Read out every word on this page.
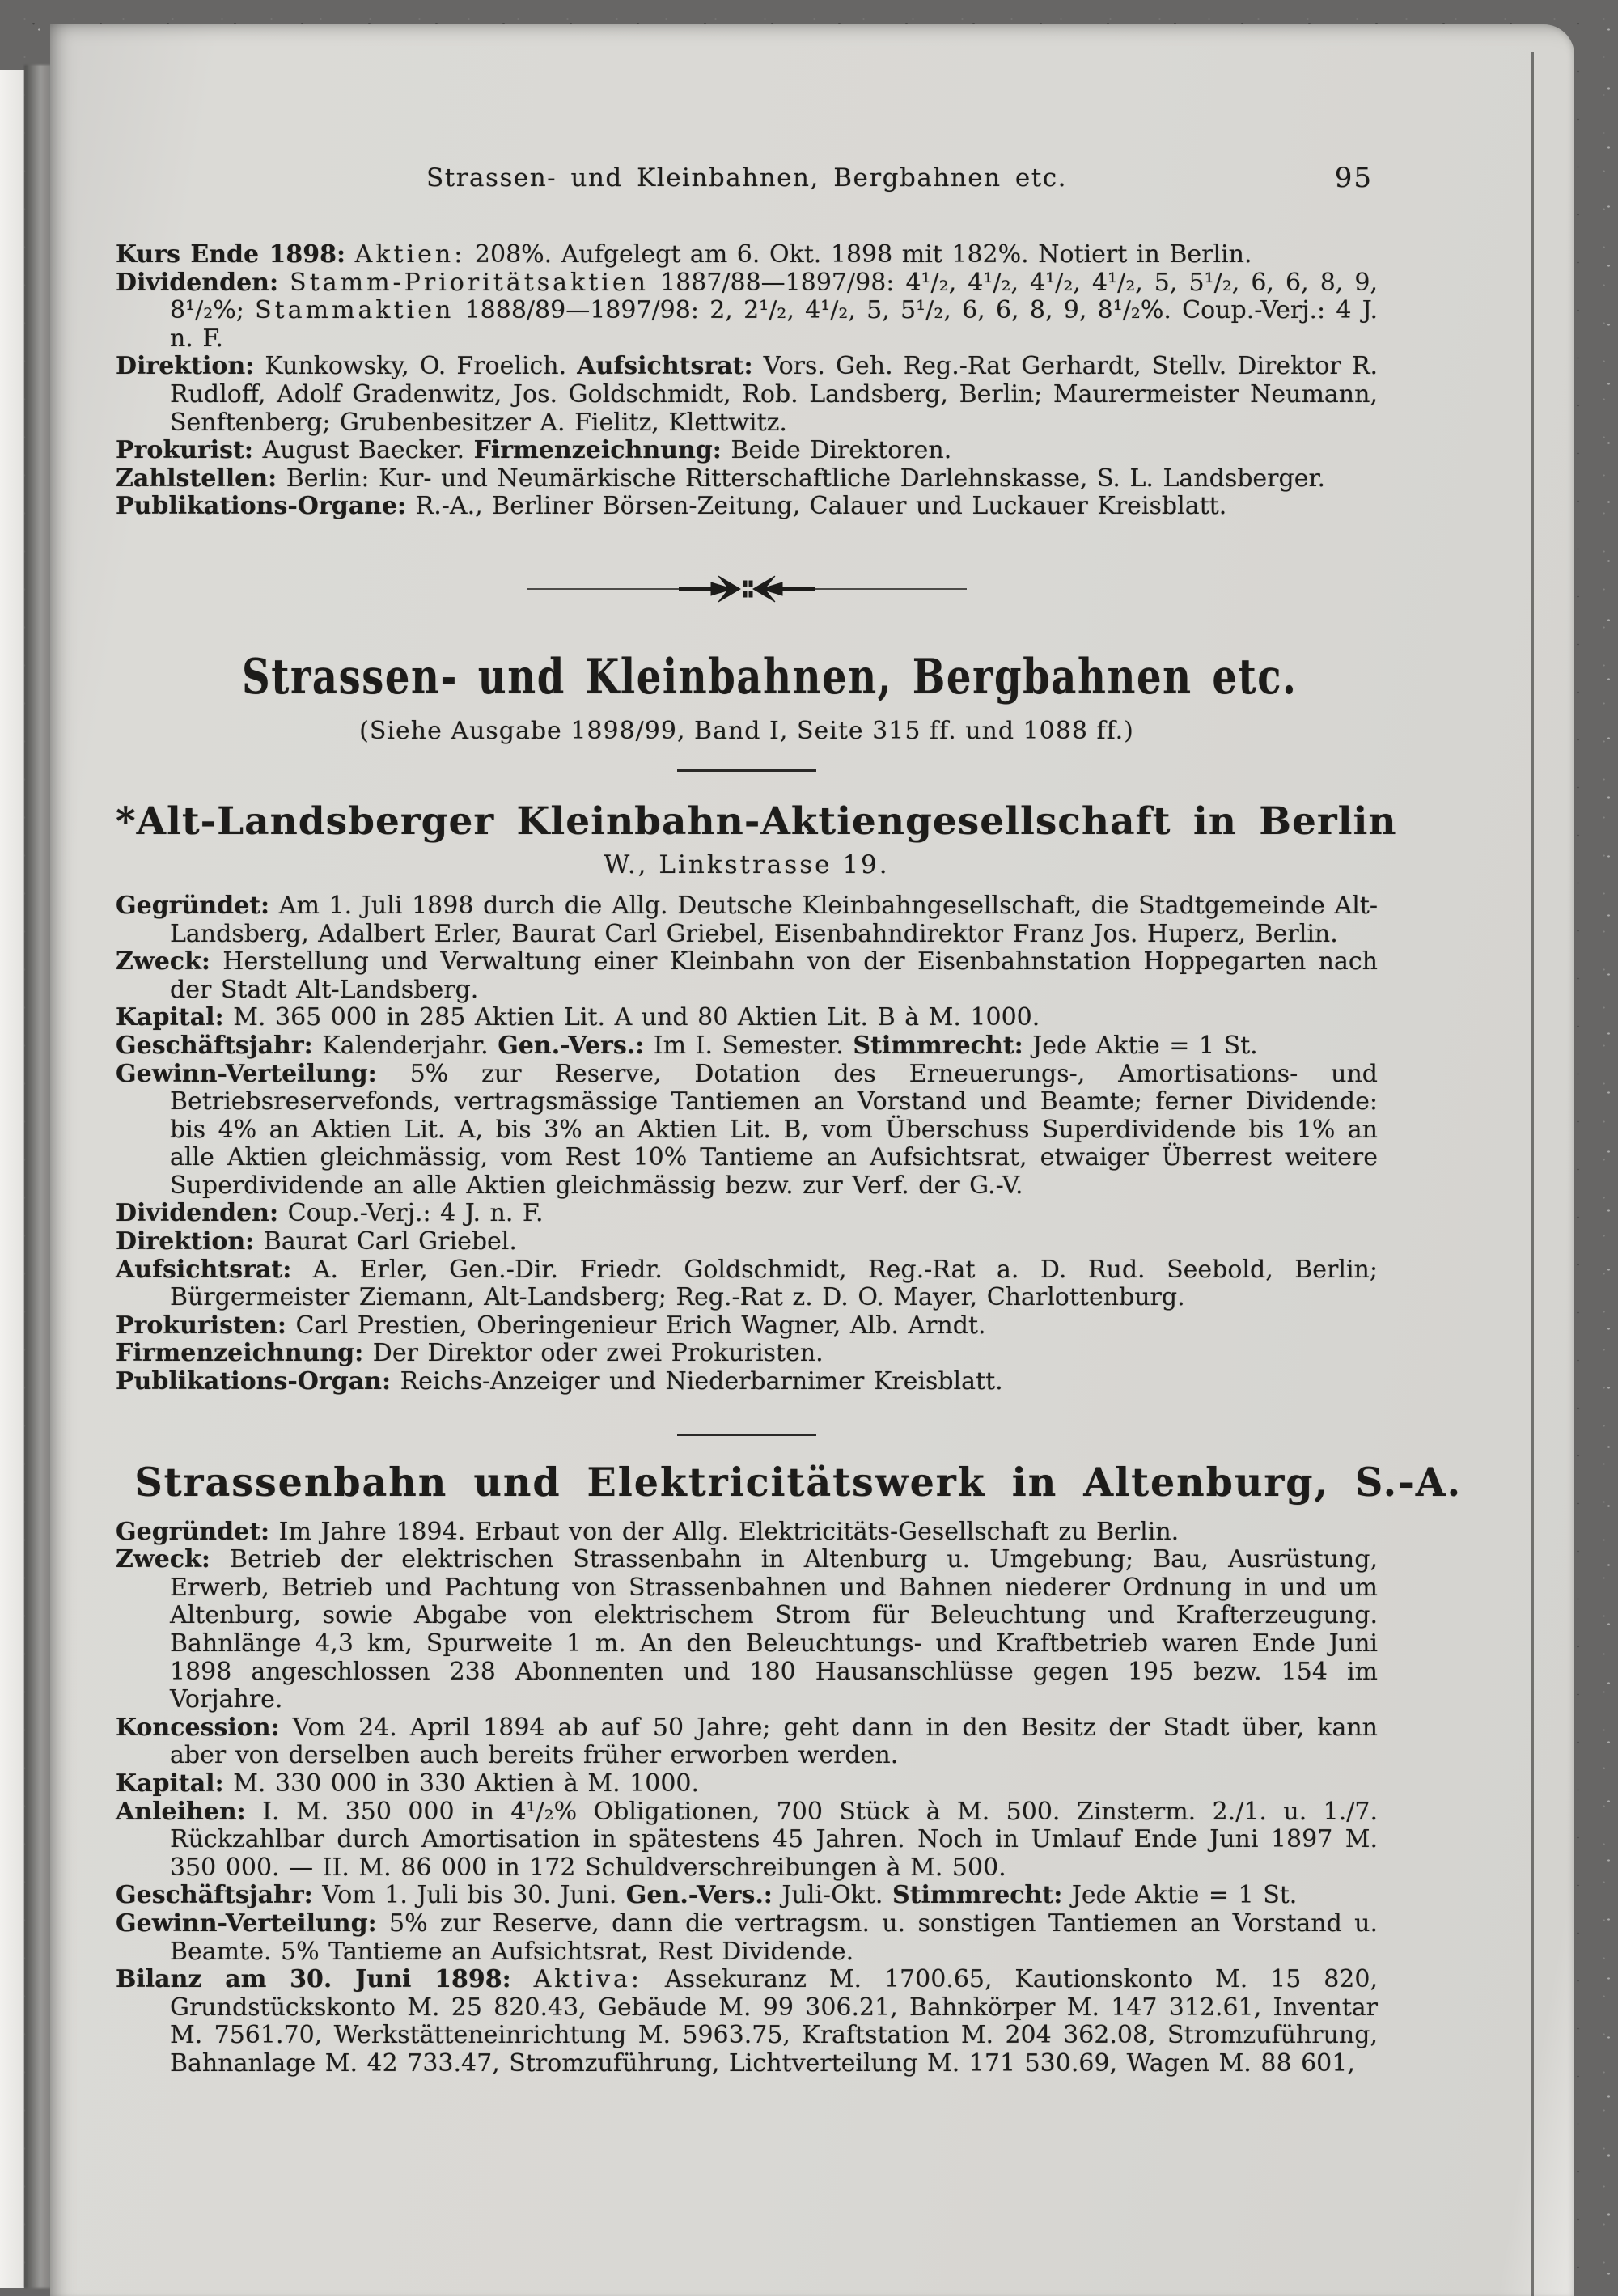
Strassen- und Kleinbahnen, Bergbahnen etc.	95

Kurs Ende 1898: Aktien: 208%. Aufgelegt am 6. Okt. 1898 mit 182%. Notiert in Berlin.

Dividenden: Stamm-Prioritätsaktien 1887/88—1897/98: 4¹/₂, 4¹/₂, 4¹/₂, 4¹/₂, 5, 5¹/₂, 6, 6, 8, 9, 8¹/₂%; Stammaktien 1888/89—1897/98: 2, 2¹/₂, 4¹/₂, 5, 5¹/₂, 6, 6, 8, 9, 8¹/₂%. Coup.-Verj.: 4 J. n. F.

Direktion: Kunkowsky, O. Froelich. Aufsichtsrat: Vors. Geh. Reg.-Rat Gerhardt, Stellv. Direktor R. Rudloff, Adolf Gradenwitz, Jos. Goldschmidt, Rob. Landsberg, Berlin; Maurermeister Neumann, Senftenberg; Grubenbesitzer A. Fielitz, Klettwitz.

Prokurist: August Baecker. Firmenzeichnung: Beide Direktoren.

Zahlstellen: Berlin: Kur- und Neumärkische Ritterschaftliche Darlehnskasse, S. L. Landsberger.

Publikations-Organe: R.-A., Berliner Börsen-Zeitung, Calauer und Luckauer Kreisblatt.

Strassen- und Kleinbahnen, Bergbahnen etc.
(Siehe Ausgabe 1898/99, Band I, Seite 315 ff. und 1088 ff.)
*Alt-Landsberger Kleinbahn-Aktiengesellschaft in Berlin
W., Linkstrasse 19.

Gegründet: Am 1. Juli 1898 durch die Allg. Deutsche Kleinbahngesellschaft, die Stadtgemeinde Alt-Landsberg, Adalbert Erler, Baurat Carl Griebel, Eisenbahndirektor Franz Jos. Huperz, Berlin.

Zweck: Herstellung und Verwaltung einer Kleinbahn von der Eisenbahnstation Hoppegarten nach der Stadt Alt-Landsberg.

Kapital: M. 365 000 in 285 Aktien Lit. A und 80 Aktien Lit. B à M. 1000.

Geschäftsjahr: Kalenderjahr. Gen.-Vers.: Im I. Semester. Stimmrecht: Jede Aktie = 1 St.

Gewinn-Verteilung: 5% zur Reserve, Dotation des Erneuerungs-, Amortisations- und Betriebsreservefonds, vertragsmässige Tantiemen an Vorstand und Beamte; ferner Dividende: bis 4% an Aktien Lit. A, bis 3% an Aktien Lit. B, vom Überschuss Superdividende bis 1% an alle Aktien gleichmässig, vom Rest 10% Tantieme an Aufsichtsrat, etwaiger Überrest weitere Superdividende an alle Aktien gleichmässig bezw. zur Verf. der G.-V.

Dividenden: Coup.-Verj.: 4 J. n. F.

Direktion: Baurat Carl Griebel.

Aufsichtsrat: A. Erler, Gen.-Dir. Friedr. Goldschmidt, Reg.-Rat a. D. Rud. Seebold, Berlin; Bürgermeister Ziemann, Alt-Landsberg; Reg.-Rat z. D. O. Mayer, Charlottenburg.

Prokuristen: Carl Prestien, Oberingenieur Erich Wagner, Alb. Arndt.

Firmenzeichnung: Der Direktor oder zwei Prokuristen.

Publikations-Organ: Reichs-Anzeiger und Niederbarnimer Kreisblatt.

Strassenbahn und Elektricitätswerk in Altenburg, S.-A.

Gegründet: Im Jahre 1894. Erbaut von der Allg. Elektricitäts-Gesellschaft zu Berlin.

Zweck: Betrieb der elektrischen Strassenbahn in Altenburg u. Umgebung; Bau, Ausrüstung, Erwerb, Betrieb und Pachtung von Strassenbahnen und Bahnen niederer Ordnung in und um Altenburg, sowie Abgabe von elektrischem Strom für Beleuchtung und Krafterzeugung. Bahnlänge 4,3 km, Spurweite 1 m. An den Beleuchtungs- und Kraftbetrieb waren Ende Juni 1898 angeschlossen 238 Abonnenten und 180 Hausanschlüsse gegen 195 bezw. 154 im Vorjahre.

Koncession: Vom 24. April 1894 ab auf 50 Jahre; geht dann in den Besitz der Stadt über, kann aber von derselben auch bereits früher erworben werden.

Kapital: M. 330 000 in 330 Aktien à M. 1000.

Anleihen: I. M. 350 000 in 4¹/₂% Obligationen, 700 Stück à M. 500. Zinsterm. 2./1. u. 1./7. Rückzahlbar durch Amortisation in spätestens 45 Jahren. Noch in Umlauf Ende Juni 1897 M. 350 000. — II. M. 86 000 in 172 Schuldverschreibungen à M. 500.

Geschäftsjahr: Vom 1. Juli bis 30. Juni. Gen.-Vers.: Juli-Okt. Stimmrecht: Jede Aktie = 1 St.

Gewinn-Verteilung: 5% zur Reserve, dann die vertragsm. u. sonstigen Tantiemen an Vorstand u. Beamte. 5% Tantieme an Aufsichtsrat, Rest Dividende.

Bilanz am 30. Juni 1898: Aktiva: Assekuranz M. 1700.65, Kautionskonto M. 15 820, Grundstückskonto M. 25 820.43, Gebäude M. 99 306.21, Bahnkörper M. 147 312.61, Inventar M. 7561.70, Werkstätteneinrichtung M. 5963.75, Kraftstation M. 204 362.08, Stromzuführung, Bahnanlage M. 42 733.47, Stromzuführung, Lichtverteilung M. 171 530.69, Wagen M. 88 601,
